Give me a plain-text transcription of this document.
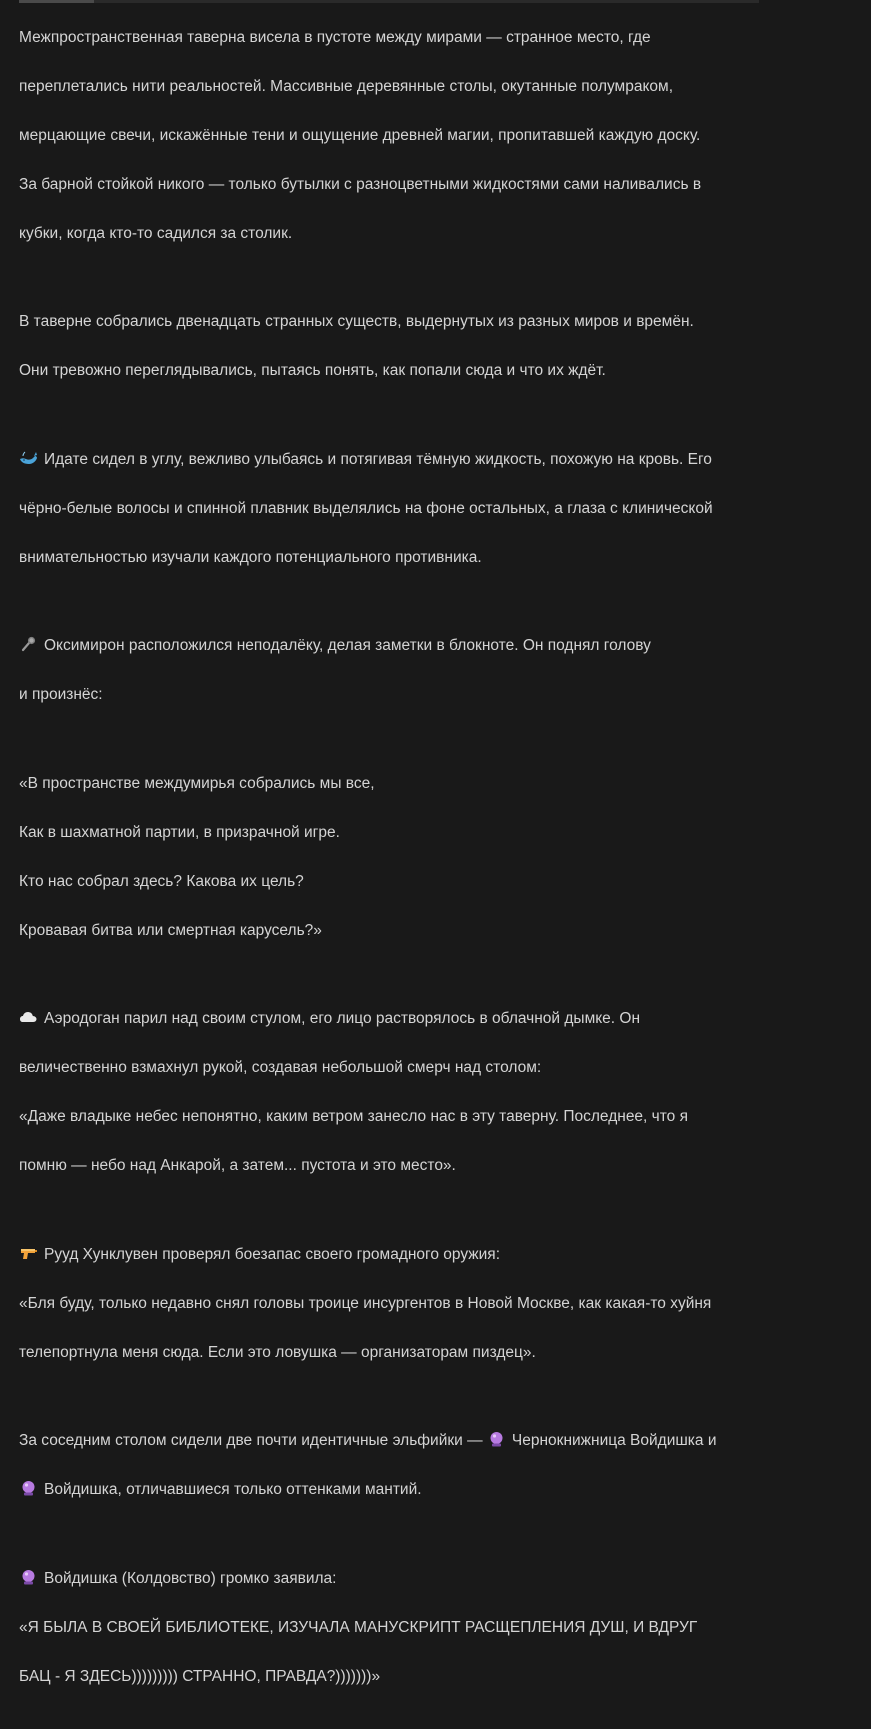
Межпространственная таверна висела в пустоте между мирами — странное место, где

переплетались нити реальностей. Массивные деревянные столы, окутанные полумраком,

мерцающие свечи, искажённые тени и ощущение древней магии, пропитавшей каждую доску.

За барной стойкой никого — только бутылки с разноцветными жидкостями сами наливались в

кубки, когда кто-то садился за столик.

В таверне собрались двенадцать странных существ, выдернутых из разных миров и времён.

Они тревожно переглядывались, пытаясь понять, как попали сюда и что их ждёт.

Идате сидел в углу, вежливо улыбаясь и потягивая тёмную жидкость, похожую на кровь. Его

чёрно-белые волосы и спинной плавник выделялись на фоне остальных, а глаза с клинической

внимательностью изучали каждого потенциального противника.

Оксимирон расположился неподалёку, делая заметки в блокноте. Он поднял голову

и произнёс:

«В пространстве междумирья собрались мы все,

Как в шахматной партии, в призрачной игре.

Кто нас собрал здесь? Какова их цель?

Кровавая битва или смертная карусель?»

Аэродоган парил над своим стулом, его лицо растворялось в облачной дымке. Он

величественно взмахнул рукой, создавая небольшой смерч над столом:

«Даже владыке небес непонятно, каким ветром занесло нас в эту таверну. Последнее, что я

помню — небо над Анкарой, а затем... пустота и это место».

Рууд Хунклувен проверял боезапас своего громадного оружия:

«Бля буду, только недавно снял головы троице инсургентов в Новой Москве, как какая-то хуйня

телепортнула меня сюда. Если это ловушка — организаторам пиздец».

За соседним столом сидели две почти идентичные эльфийки —
Чернокнижница Войдишка и

Войдишка, отличавшиеся только оттенками мантий.

Войдишка (Колдовство) громко заявила:

«Я БЫЛА В СВОЕЙ БИБЛИОТЕКЕ, ИЗУЧАЛА МАНУСКРИПТ РАСЩЕПЛЕНИЯ ДУШ, И ВДРУГ

БАЦ - Я ЗДЕСЬ))))))))) СТРАННО, ПРАВДА?)))))))»
